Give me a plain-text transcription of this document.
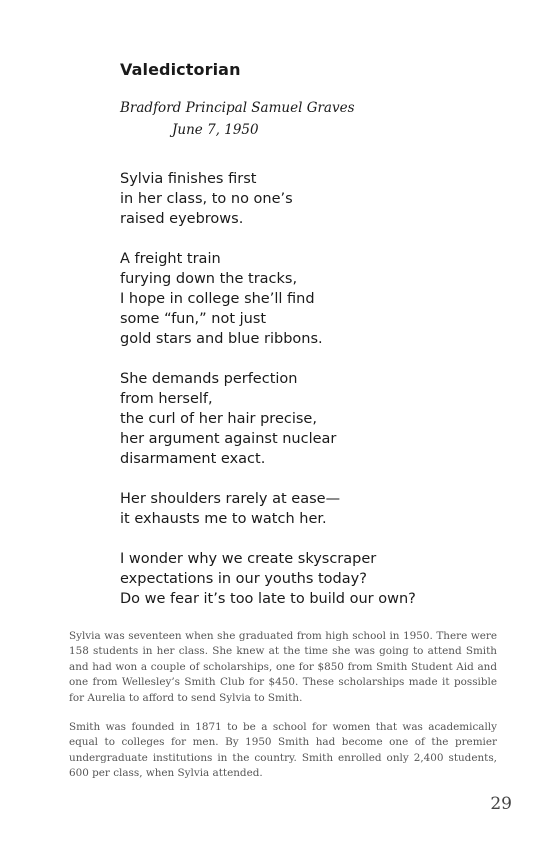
Valedictorian
Bradford Principal Samuel Graves
June 7, 1950
Sylvia finishes first
in her class, to no one’s
raised eyebrows.
A freight train
furying down the tracks,
I hope in college she’ll find
some “fun,” not just
gold stars and blue ribbons.
She demands perfection
from herself,
the curl of her hair precise,
her argument against nuclear
disarmament exact.
Her shoulders rarely at ease—
it exhausts me to watch her.
I wonder why we create skyscraper
expectations in our youths today?
Do we fear it’s too late to build our own?

Sylvia was seventeen when she graduated from high school in 1950. There were 158 students in her class. She knew at the time she was going to attend Smith and had won a couple of scholarships, one for $850 from Smith Student Aid and one from Wellesley’s Smith Club for $450. These scholarships made it possible for Aurelia to afford to send Sylvia to Smith.

Smith was founded in 1871 to be a school for women that was academically equal to colleges for men. By 1950 Smith had become one of the premier undergraduate institutions in the country. Smith enrolled only 2,400 students, 600 per class, when Sylvia attended.

29
